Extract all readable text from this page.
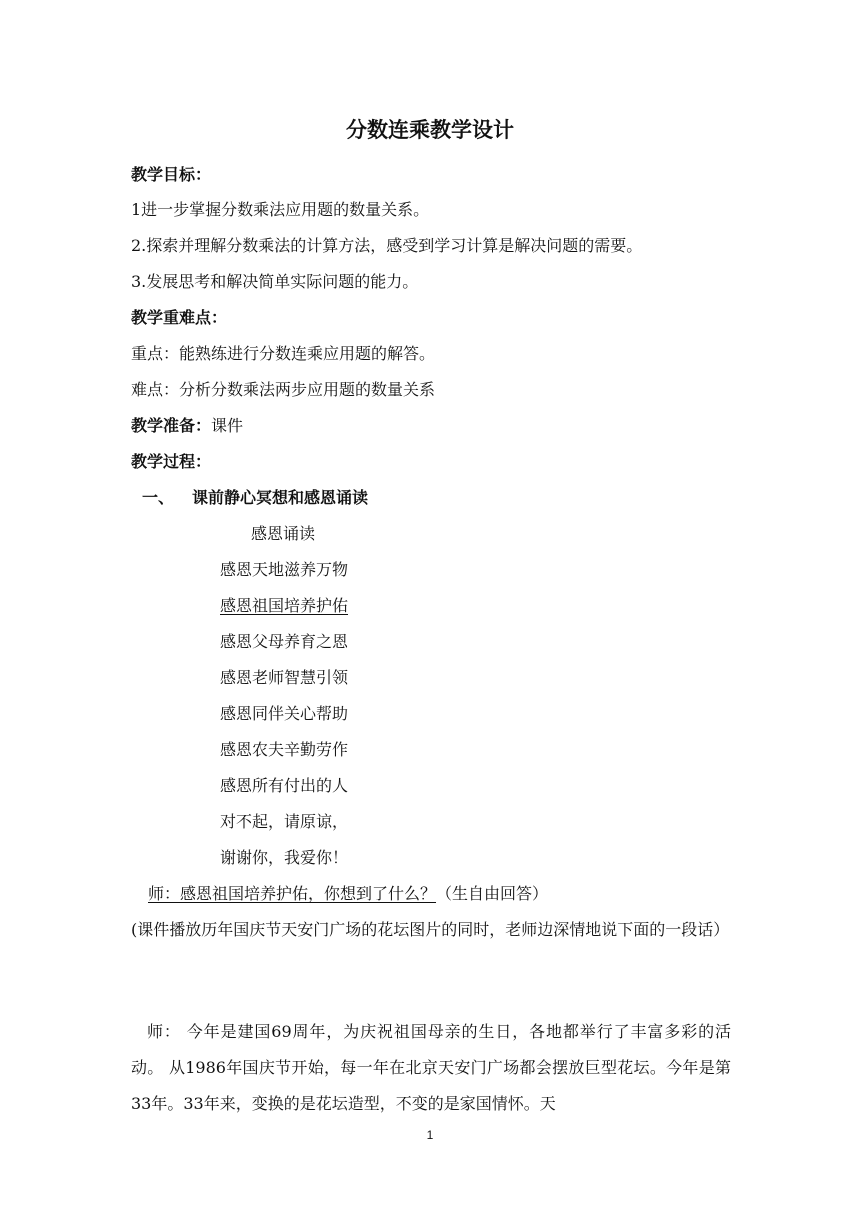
分数连乘教学设计
教学目标：
1进一步掌握分数乘法应用题的数量关系。
2.探索并理解分数乘法的计算方法，感受到学习计算是解决问题的需要。
3.发展思考和解决简单实际问题的能力。
教学重难点：
重点：能熟练进行分数连乘应用题的解答。
难点：分析分数乘法两步应用题的数量关系
教学准备：课件
教学过程：
一、 课前静心冥想和感恩诵读
感恩诵读
感恩天地滋养万物
感恩祖国培养护佑
感恩父母养育之恩
感恩老师智慧引领
感恩同伴关心帮助
感恩农夫辛勤劳作
感恩所有付出的人
对不起，请原谅，
谢谢你，我爱你！
师：感恩祖国培养护佑，你想到了什么？（生自由回答）
(课件播放历年国庆节天安门广场的花坛图片的同时，老师边深情地说下面的一段话）
师： 今年是建国69周年，为庆祝祖国母亲的生日，各地都举行了丰富多彩的活动。 从1986年国庆节开始，每一年在北京天安门广场都会摆放巨型花坛。今年是第33年。33年来，变换的是花坛造型，不变的是家国情怀。天
1
